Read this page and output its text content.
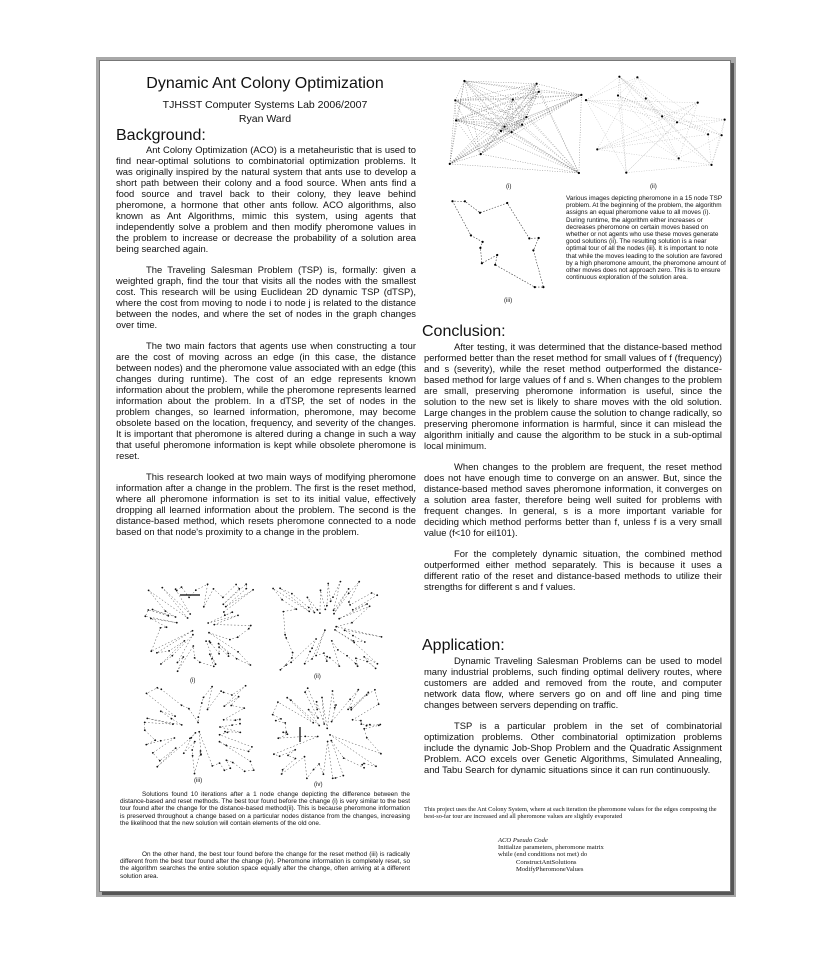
Dynamic Ant Colony Optimization
TJHSST Computer Systems Lab 2006/2007
Ryan Ward
Background:

Ant Colony Optimization (ACO) is a metaheuristic that is used to find near-optimal solutions to combinatorial optimization problems. It was originally inspired by the natural system that ants use to develop a short path between their colony and a food source. When ants find a food source and travel back to their colony, they leave behind pheromone, a hormone that other ants follow. ACO algorithms, also known as Ant Algorithms, mimic this system, using agents that independently solve a problem and then modify pheromone values in the problem to increase or decrease the probability of a solution area being searched again.

The Traveling Salesman Problem (TSP) is, formally: given a weighted graph, find the tour that visits all the nodes with the smallest cost. This research will be using Euclidean 2D dynamic TSP (dTSP), where the cost from moving to node i to node j is related to the distance between the nodes, and where the set of nodes in the graph changes over time.

The two main factors that agents use when constructing a tour are the cost of moving across an edge (in this case, the distance between nodes) and the pheromone value associated with an edge (this changes during runtime). The cost of an edge represents known information about the problem, while the pheromone represents learned information about the problem. In a dTSP, the set of nodes in the problem changes, so learned information, pheromone, may become obsolete based on the location, frequency, and severity of the changes. It is important that pheromone is altered during a change in such a way that useful pheromone information is kept while obsolete pheromone is reset.

This research looked at two main ways of modifying pheromone information after a change in the problem. The first is the reset method, where all pheromone information is set to its initial value, effectively dropping all learned information about the problem. The second is the distance-based method, which resets pheromone connected to a node based on that node's proximity to a change in the problem.

(i)
(ii)
(iii)
(iv)
Solutions found 10 iterations after a 1 node change depicting the difference between the distance-based and reset methods. The best tour found before the change (i) is very similar to the best tour found after the change for the distance-based method(ii). This is because pheromone information is preserved throughout a change based on a particular nodes distance from the changes, increasing the likelihood that the new solution will contain elements of the old one.
On the other hand, the best tour found before the change for the reset method (iii) is radically different from the best tour found after the change (iv). Pheromone information is completely reset, so the algorithm searches the entire solution space equally after the change, often arriving at a different solution area.
(i)	(ii)
(iii)
Various images depicting pheromone in a 15 node TSP problem. At the beginning of the problem, the algorithm assigns an equal pheromone value to all moves (i). During runtime, the algorithm either increases or decreases pheromone on certain moves based on whether or not agents who use these moves generate good solutions (ii). The resulting solution is a near optimal tour of all the nodes (iii). It is important to note that while the moves leading to the solution are favored by a high pheromone amount, the pheromone amount of other moves does not approach zero. This is to ensure continuous exploration of the solution area.
Conclusion:

After testing, it was determined that the distance-based method performed better than the reset method for small values of f (frequency) and s (severity), while the reset method outperformed the distance-based method for large values of f and s. When changes to the problem are small, preserving pheromone information is useful, since the solution to the new set is likely to share moves with the old solution. Large changes in the problem cause the solution to change radically, so preserving pheromone information is harmful, since it can mislead the algorithm initially and cause the algorithm to be stuck in a sub-optimal local minimum.

When changes to the problem are frequent, the reset method does not have enough time to converge on an answer. But, since the distance-based method saves pheromone information, it converges on a solution area faster, therefore being well suited for problems with frequent changes. In general, s is a more important variable for deciding which method performs better than f, unless f is a very small value (f<10 for eil101).

For the completely dynamic situation, the combined method outperformed either method separately. This is because it uses a different ratio of the reset and distance-based methods to utilize their strengths for different s and f values.

Application:

Dynamic Traveling Salesman Problems can be used to model many industrial problems, such finding optimal delivery routes, where customers are added and removed from the route, and computer network data flow, where servers go on and off line and ping time changes between servers depending on traffic.

TSP is a particular problem in the set of combinatorial optimization problems. Other combinatorial optimization problems include the dynamic Job-Shop Problem and the Quadratic Assignment Problem. ACO excels over Genetic Algorithms, Simulated Annealing, and Tabu Search for dynamic situations since it can run continuously.

This project uses the Ant Colony System, where at each iteration the pheromone values for the edges composing the best-so-far tour are increased and all pheromone values are slightly evaporated
ACO Pseudo Code
Initialize parameters, pheromone matrix
while (end conditions not met) do
ConstructAntSolutions
ModifyPheromoneValues
